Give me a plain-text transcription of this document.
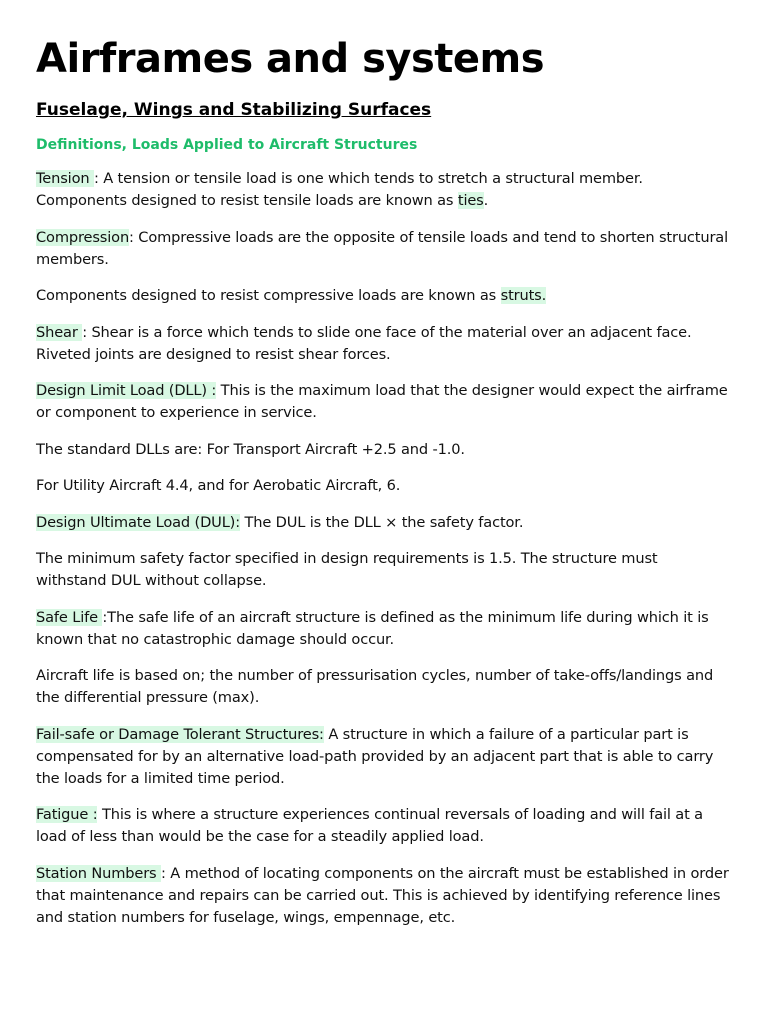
Airframes and systems
Fuselage, Wings and Stabilizing Surfaces
Definitions, Loads Applied to Aircraft Structures

Tension : A tension or tensile load is one which tends to stretch a structural member. Components designed to resist tensile loads are known as ties.

Compression: Compressive loads are the opposite of tensile loads and tend to shorten structural members.

Components designed to resist compressive loads are known as struts.

Shear : Shear is a force which tends to slide one face of the material over an adjacent face. Riveted joints are designed to resist shear forces.

Design Limit Load (DLL) : This is the maximum load that the designer would expect the airframe or component to experience in service.

The standard DLLs are: For Transport Aircraft +2.5 and -1.0.

For Utility Aircraft 4.4, and for Aerobatic Aircraft, 6.

Design Ultimate Load (DUL): The DUL is the DLL × the safety factor.

The minimum safety factor specified in design requirements is 1.5. The structure must withstand DUL without collapse.

Safe Life :The safe life of an aircraft structure is defined as the minimum life during which it is known that no catastrophic damage should occur.

Aircraft life is based on; the number of pressurisation cycles, number of take-offs/landings and the differential pressure (max).

Fail-safe or Damage Tolerant Structures: A structure in which a failure of a particular part is compensated for by an alternative load-path provided by an adjacent part that is able to carry the loads for a limited time period.

Fatigue : This is where a structure experiences continual reversals of loading and will fail at a load of less than would be the case for a steadily applied load.

Station Numbers : A method of locating components on the aircraft must be established in order that maintenance and repairs can be carried out. This is achieved by identifying reference lines and station numbers for fuselage, wings, empennage, etc.
